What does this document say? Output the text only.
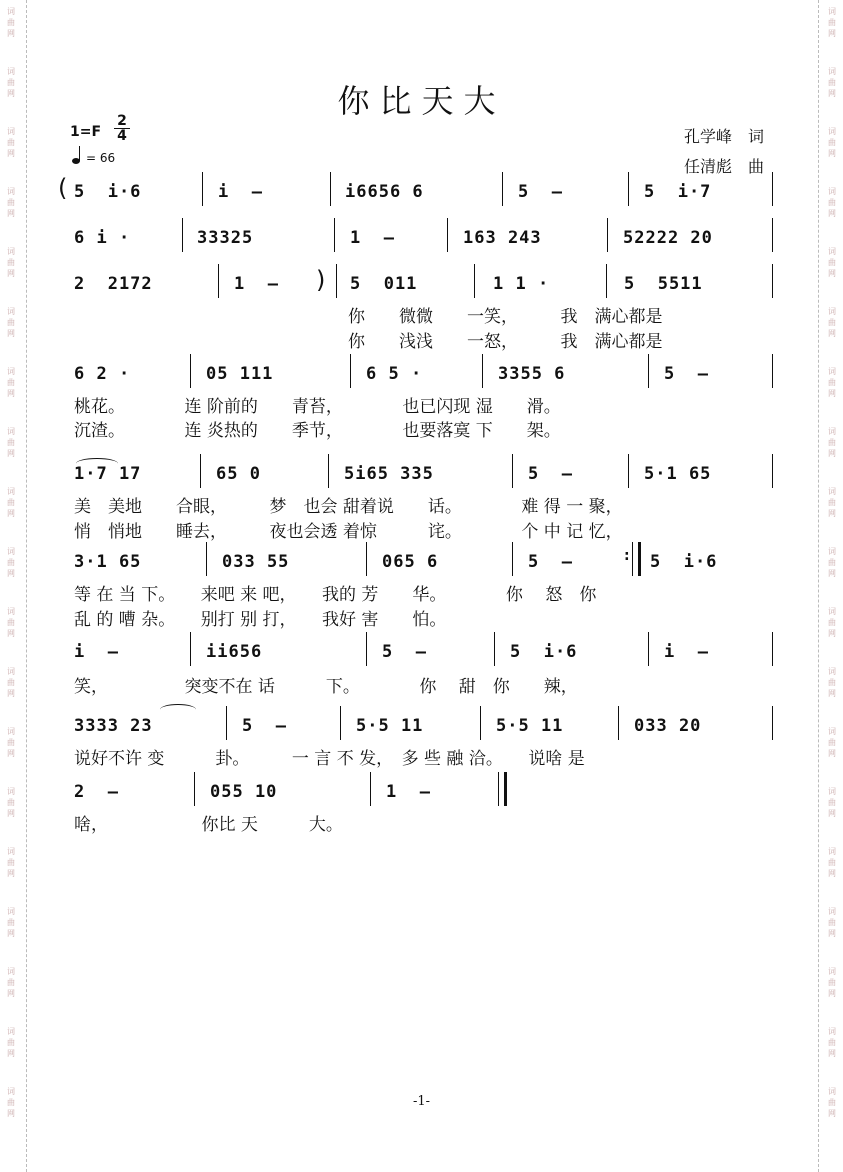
词
曲
网
词
曲
网
词
曲
网
词
曲
网
词
曲
网
词
曲
网
词
曲
网
词
曲
网
词
曲
网
词
曲
网
词
曲
网
词
曲
网
词
曲
网
词
曲
网
词
曲
网
词
曲
网
词
曲
网
词
曲
网
词
曲
网
词
曲
网
词
曲
网
词
曲
网
词
曲
网
词
曲
网
词
曲
网
词
曲
网
词
曲
网
词
曲
网
词
曲
网
词
曲
网
词
曲
网
词
曲
网
词
曲
网
词
曲
网
词
曲
网
词
曲
网
词
曲
网
词
曲
网
你比天大
1=F
2
4
= 66
孔学峰　词
任清彪　曲
( 5  i·6	i  –	i6656 6	5  –	5  i·7
6 i ·	33325	1  –	163 243	52222 20
2  2172	1  – ) 5  011	1 1 ·	5  5511
你　　微微　　一笑，　　　我　满心都是
你　　浅浅　　一怒，　　　我　满心都是
6 2 ·	05 111	6 5 ·	3355 6	5  –
桃花。　　　　连 阶前的　　青苔，　　　　也已闪现 湿　　滑。
沉渣。　　　　连 炎热的　　季节，　　　　也要落寞 下　　架。
1·7 17	65 0	5i65 335	5  –	5·1 65
美　美地　　合眼，　　　梦　也会 甜着说　　话。　　　　难 得 一 聚，
悄　悄地　　睡去，　　　夜也会透 着惊　　　诧。　　　　个 中 记 忆，
3·1 65	033 55	065 6	5  –	: 5  i·6
等 在 当 下。　　来吧 来 吧，　　我的 芳　　华。　　　　你　 怒　你
乱 的 嘈 杂。　　别打 别 打，　　我好 害　　怕。
i  –	ii656	5  –	5  i·6	i  –
笑，　　　　　突变不在 话　　　下。　　　　你　 甜　你　　辣，
3333 23	5  –	5·5 11	5·5 11	033 20
说好不许 变　　　卦。　　　一 言 不 发，　多 些 融 洽。　　说啥 是
2  –	055 10	1  –
啥，　　　　　　你比 天　　　大。
-1-
